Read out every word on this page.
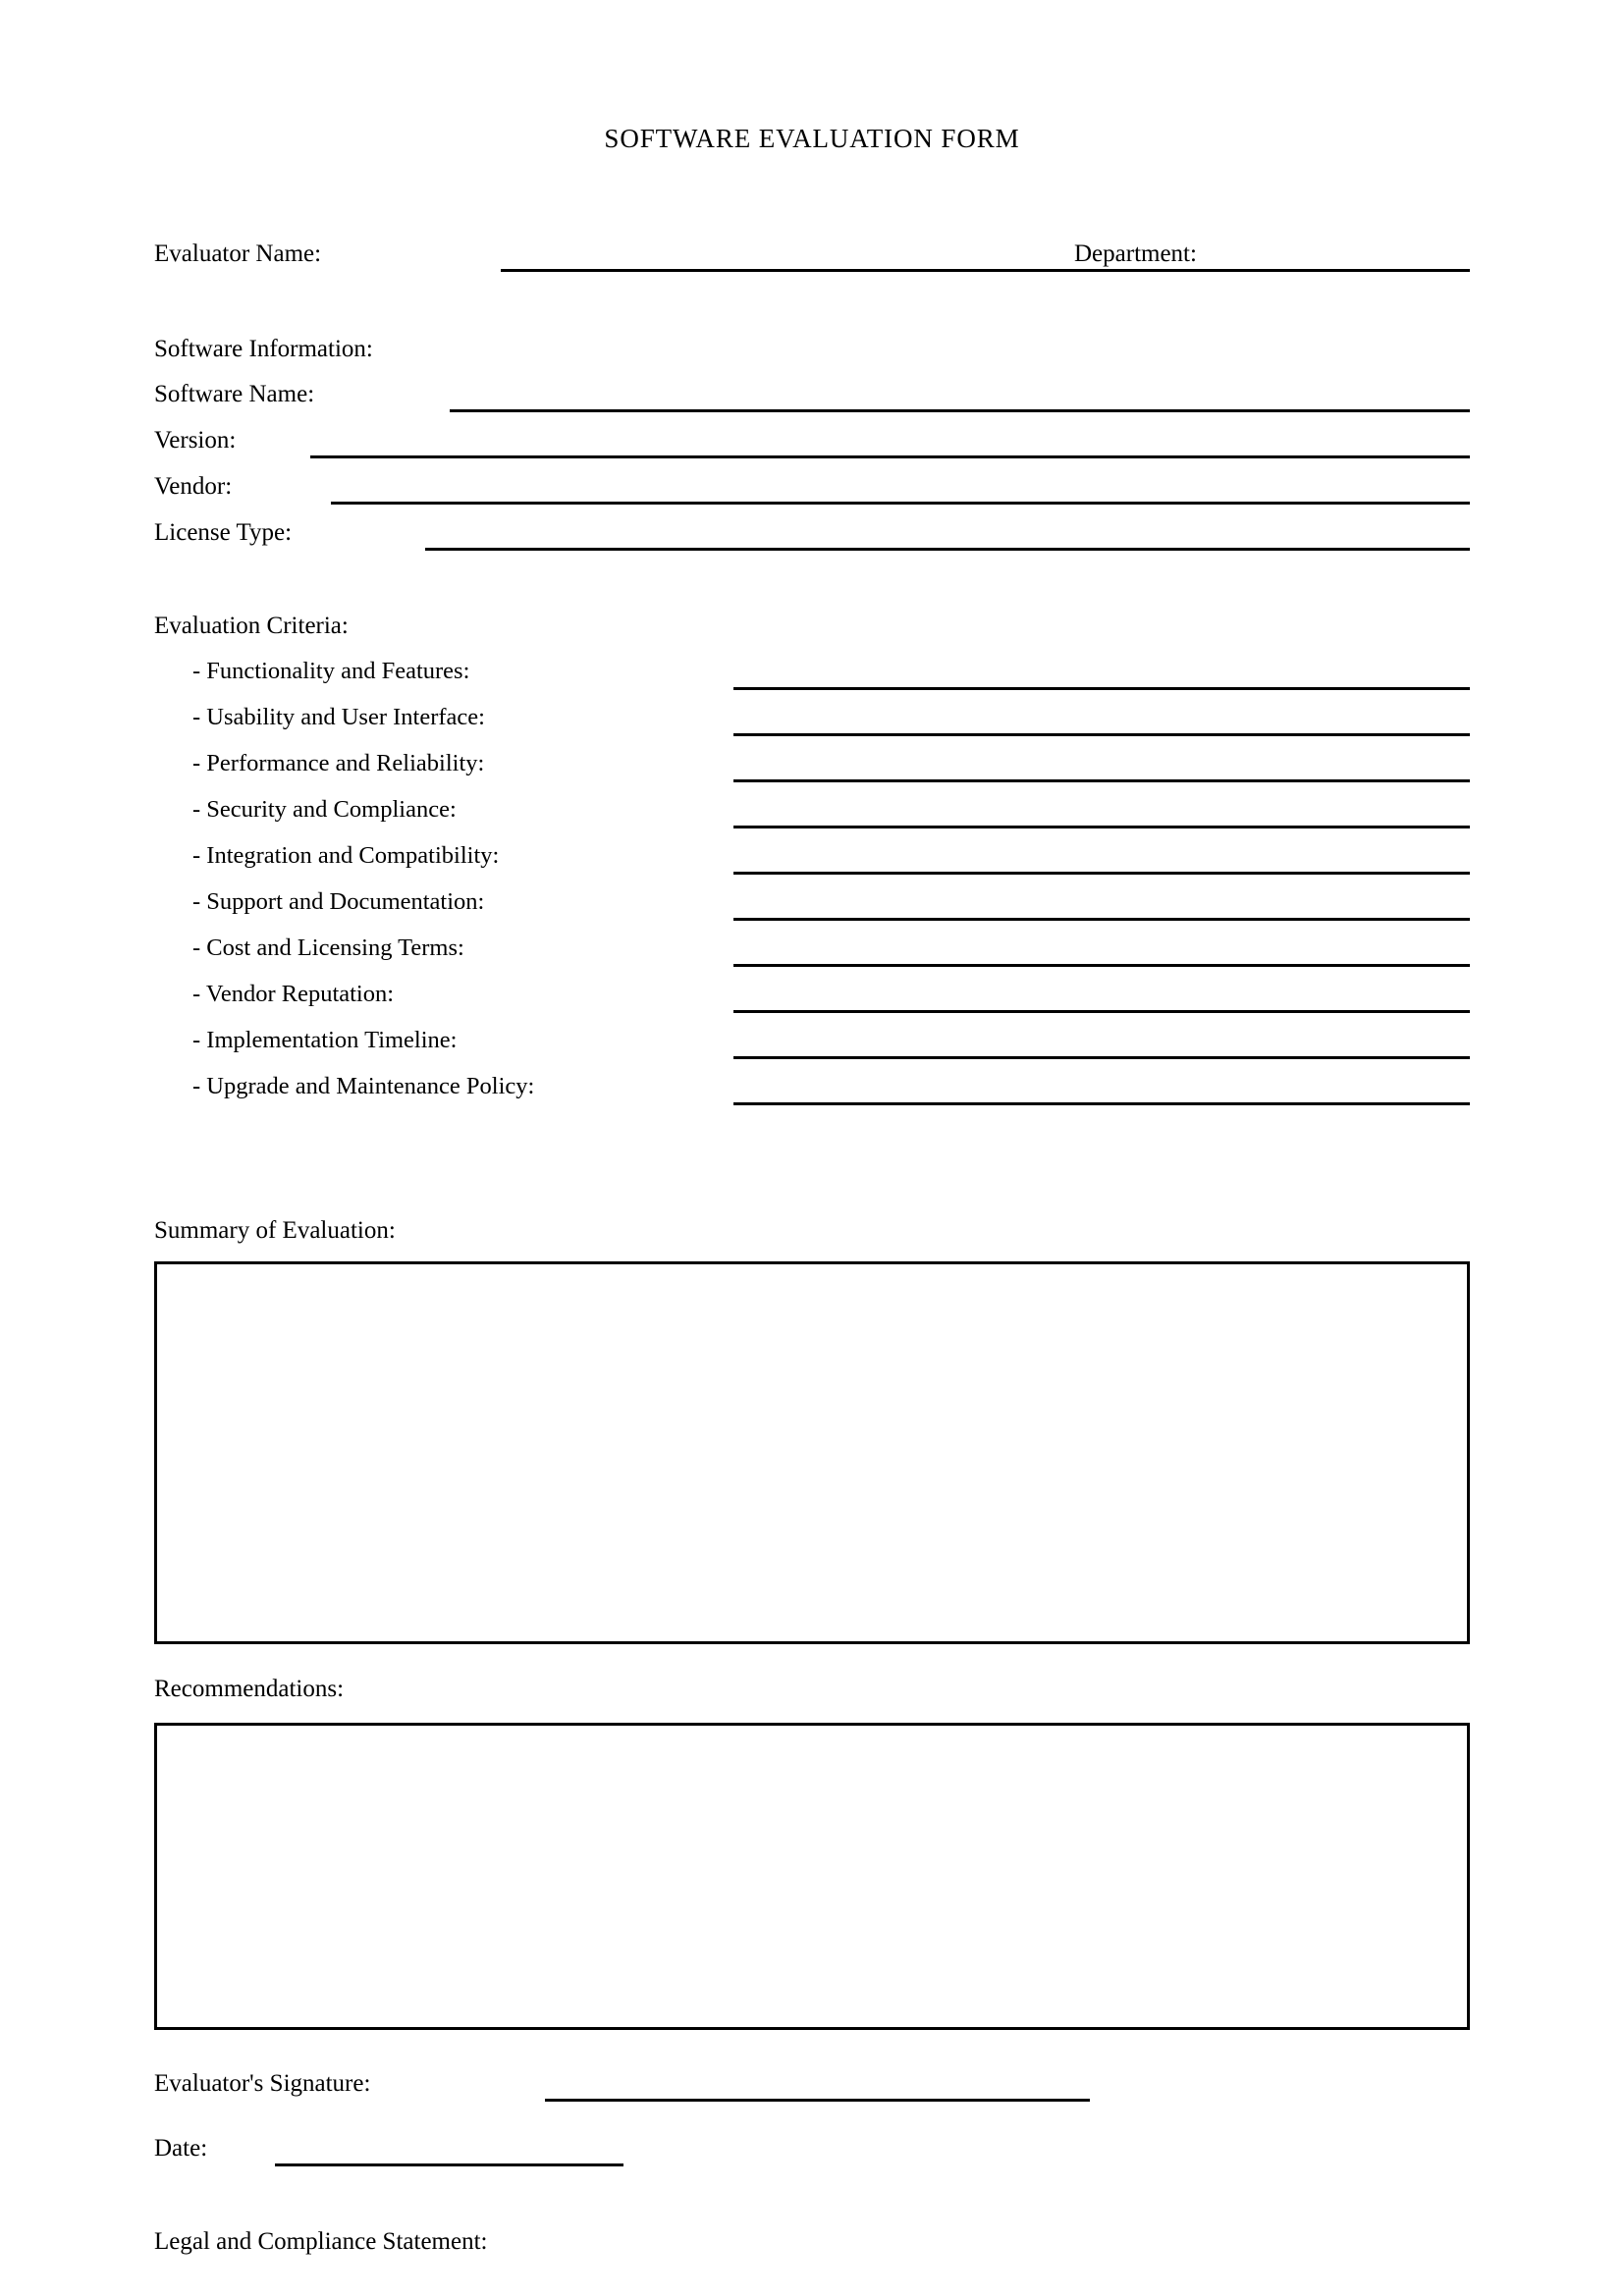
SOFTWARE EVALUATION FORM
Evaluator Name:	Department:
Software Information:
Software Name:
Version:
Vendor:
License Type:
Evaluation Criteria:
- Functionality and Features:
- Usability and User Interface:
- Performance and Reliability:
- Security and Compliance:
- Integration and Compatibility:
- Support and Documentation:
- Cost and Licensing Terms:
- Vendor Reputation:
- Implementation Timeline:
- Upgrade and Maintenance Policy:
Summary of Evaluation:
Recommendations:
Evaluator's Signature:
Date:
Legal and Compliance Statement:
